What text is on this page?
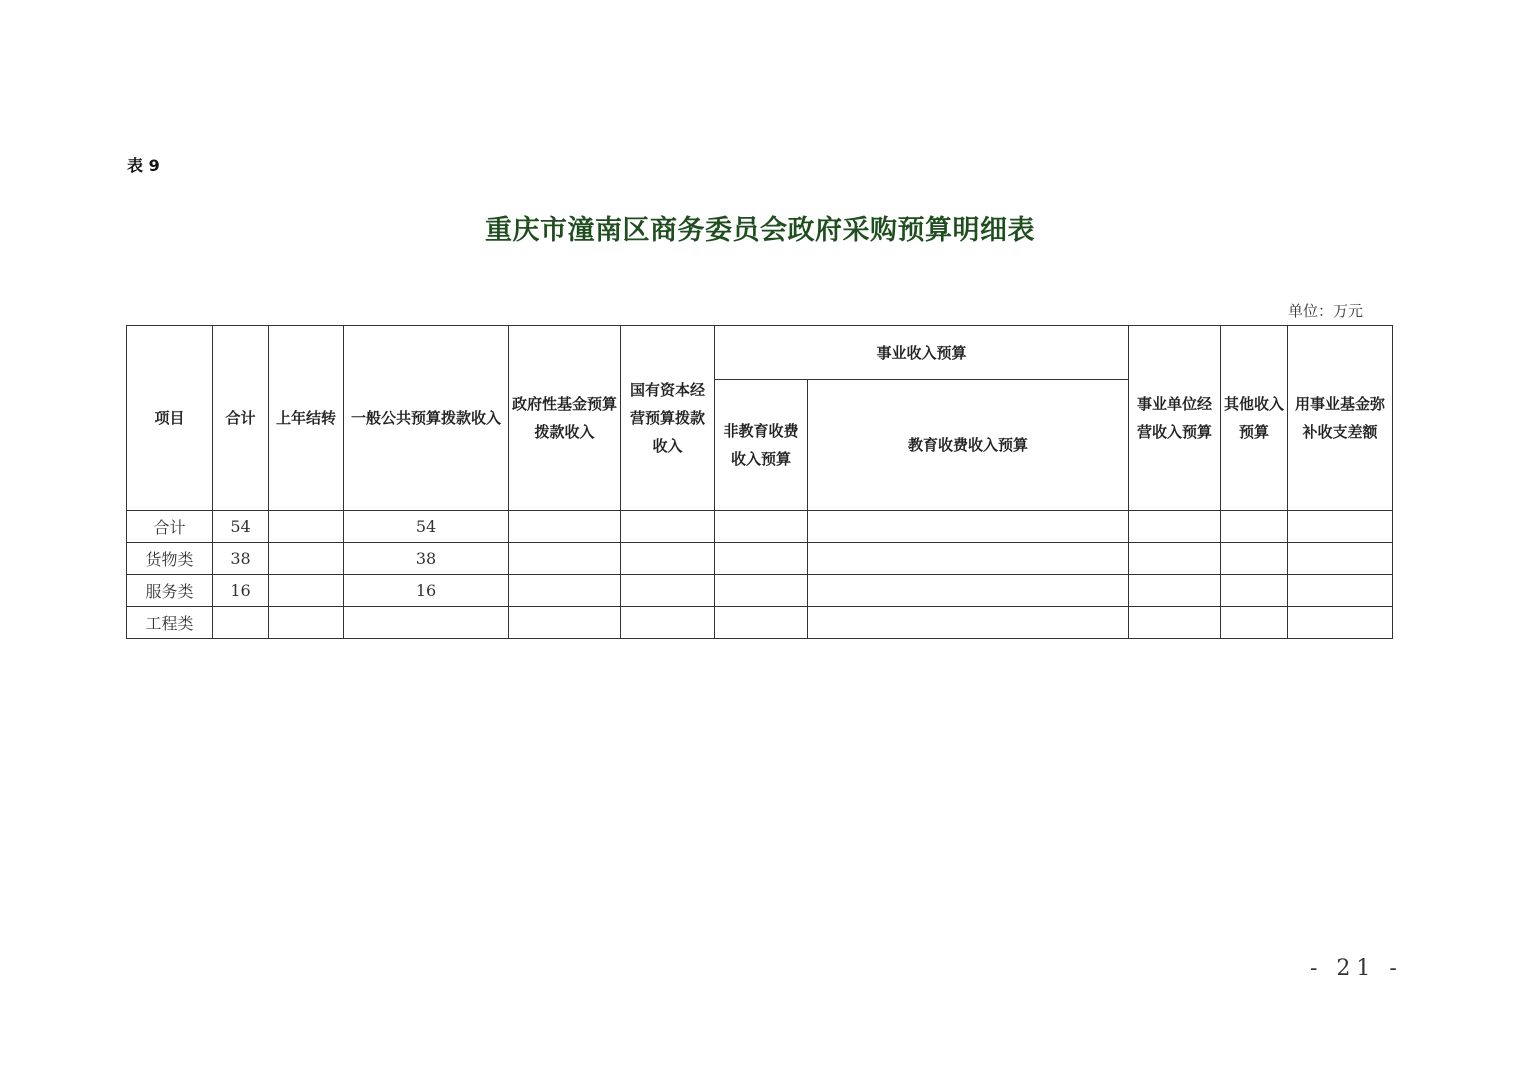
表 9
重庆市潼南区商务委员会政府采购预算明细表
单位：万元
项目	合计	上年结转	一般公共预算拨款收入	政府性基金预算拨款收入	国有资本经营预算拨款收入	事业收入预算		事业单位经营收入预算	其他收入预算	用事业基金弥补收支差额
						非教育收费收入预算	教育收费收入预算			
合计	54		54							
货物类	38		38							
服务类	16		16							
工程类										
- 21 -
